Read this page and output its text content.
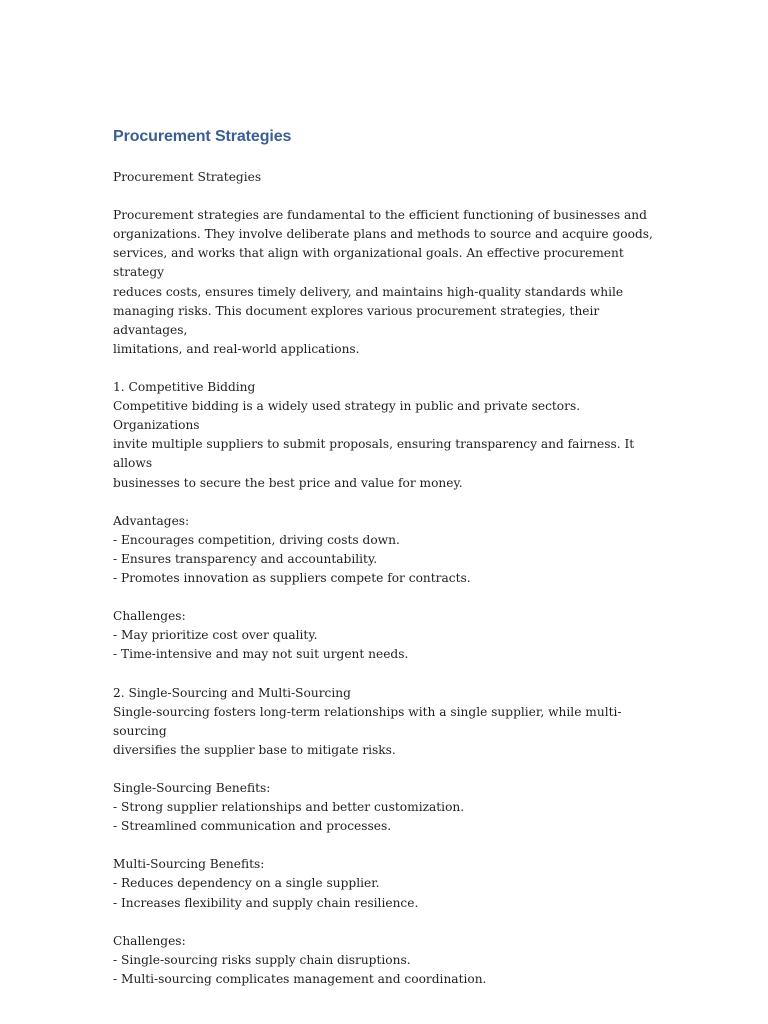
Procurement Strategies

Procurement Strategies

Procurement strategies are fundamental to the efficient functioning of businesses and
organizations. They involve deliberate plans and methods to source and acquire goods,
services, and works that align with organizational goals. An effective procurement strategy
reduces costs, ensures timely delivery, and maintains high-quality standards while
managing risks. This document explores various procurement strategies, their advantages,
limitations, and real-world applications.

1. Competitive Bidding

Competitive bidding is a widely used strategy in public and private sectors. Organizations
invite multiple suppliers to submit proposals, ensuring transparency and fairness. It allows
businesses to secure the best price and value for money.

Advantages:

- Encourages competition, driving costs down.

- Ensures transparency and accountability.

- Promotes innovation as suppliers compete for contracts.

Challenges:

- May prioritize cost over quality.

- Time-intensive and may not suit urgent needs.

2. Single-Sourcing and Multi-Sourcing

Single-sourcing fosters long-term relationships with a single supplier, while multi-sourcing
diversifies the supplier base to mitigate risks.

Single-Sourcing Benefits:

- Strong supplier relationships and better customization.

- Streamlined communication and processes.

Multi-Sourcing Benefits:

- Reduces dependency on a single supplier.

- Increases flexibility and supply chain resilience.

Challenges:

- Single-sourcing risks supply chain disruptions.

- Multi-sourcing complicates management and coordination.
